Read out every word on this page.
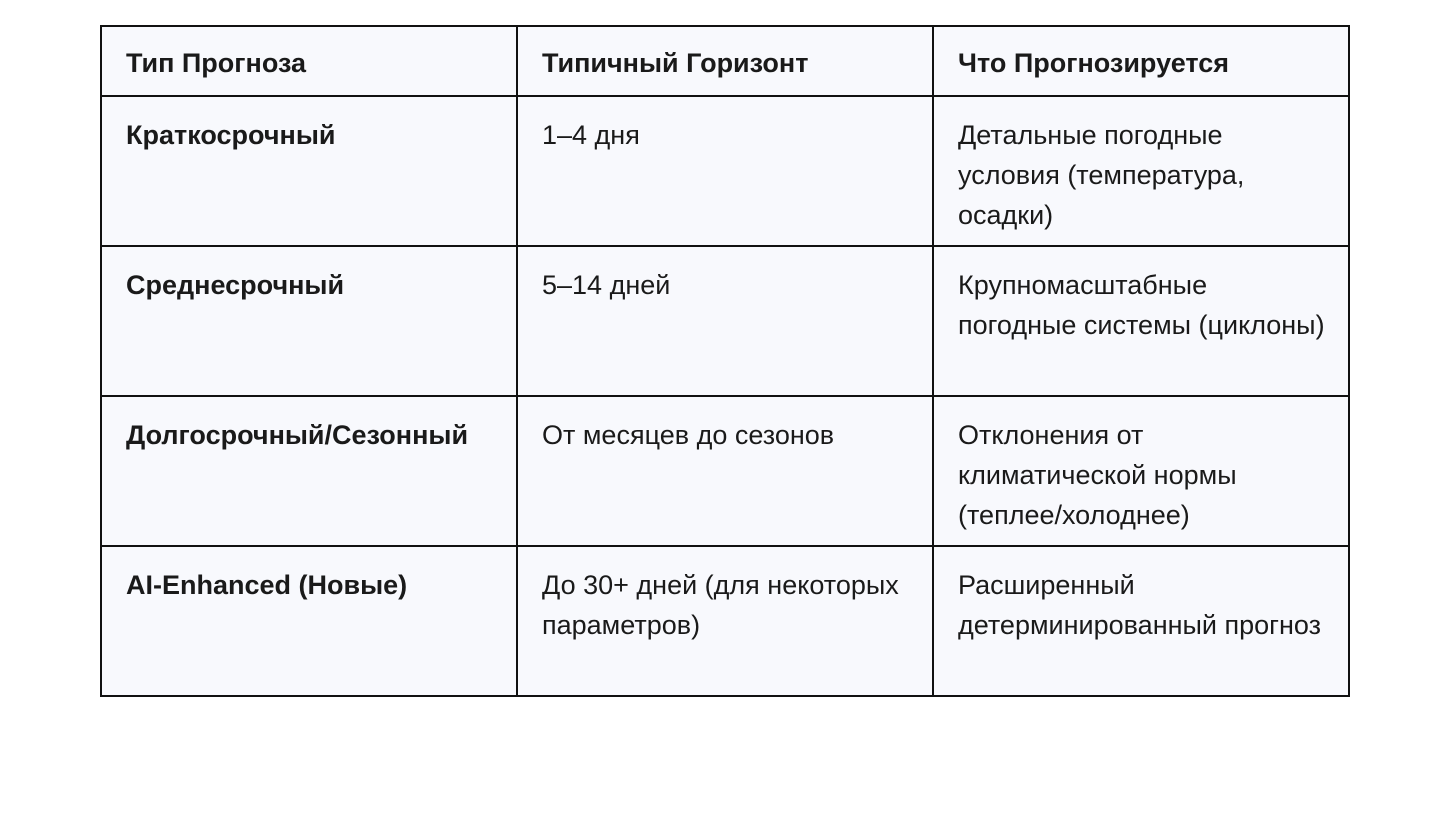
Тип Прогноза	Типичный Горизонт	Что Прогнозируется
Краткосрочный	1–4 дня	Детальные погодные условия (температура, осадки)
Среднесрочный	5–14 дней	Крупномасштабные погодные системы (циклоны)
Долгосрочный/Сезонный	От месяцев до сезонов	Отклонения от климатической нормы (теплее/холоднее)
AI-Enhanced (Новые)	До 30+ дней (для некоторых параметров)	Расширенный детерминированный прогноз
